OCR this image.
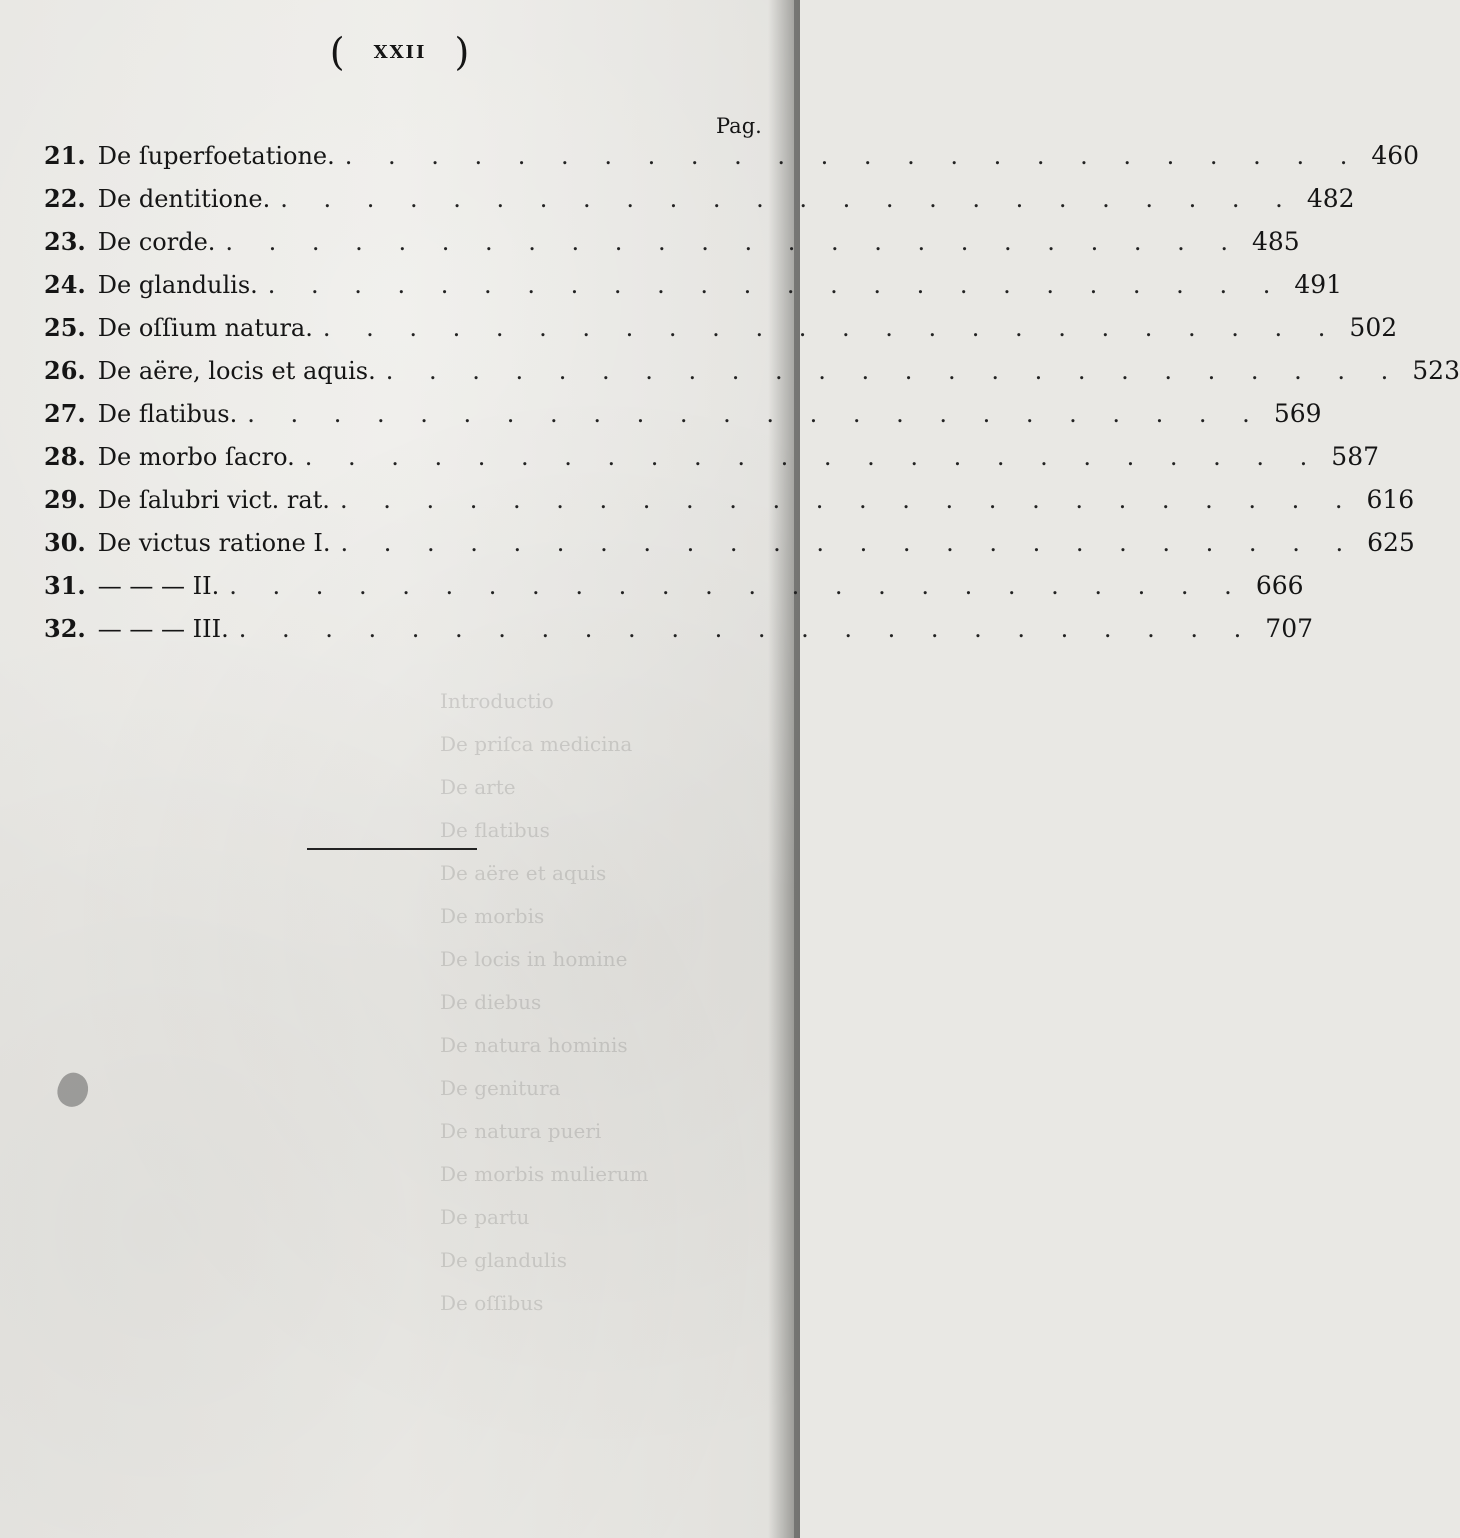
( XXII )
Pag.
21. De ſuperfoetatione. . . . . . . . . . . . . . . . . . . . . . . . . 460
22. De dentitione. . . . . . . . . . . . . . . . . . . . . . . . . 482
23. De corde. . . . . . . . . . . . . . . . . . . . . . . . . 485
24. De glandulis. . . . . . . . . . . . . . . . . . . . . . . . . 491
25. De oſſium natura. . . . . . . . . . . . . . . . . . . . . . . . . 502
26. De aëre, locis et aquis. . . . . . . . . . . . . . . . . . . . . . . . . 523
27. De flatibus. . . . . . . . . . . . . . . . . . . . . . . . . 569
28. De morbo ſacro. . . . . . . . . . . . . . . . . . . . . . . . . 587
29. De ſalubri vict. rat. . . . . . . . . . . . . . . . . . . . . . . . . 616
30. De victus ratione I. . . . . . . . . . . . . . . . . . . . . . . . . 625
31. — — — II. . . . . . . . . . . . . . . . . . . . . . . . . 666
32. — — — III. . . . . . . . . . . . . . . . . . . . . . . . . 707
Introductio
De priſca medicina
De arte
De flatibus
De aëre et aquis
De morbis
De locis in homine
De diebus
De natura hominis
De genitura
De natura pueri
De morbis mulierum
De partu
De glandulis
De oſſibus
